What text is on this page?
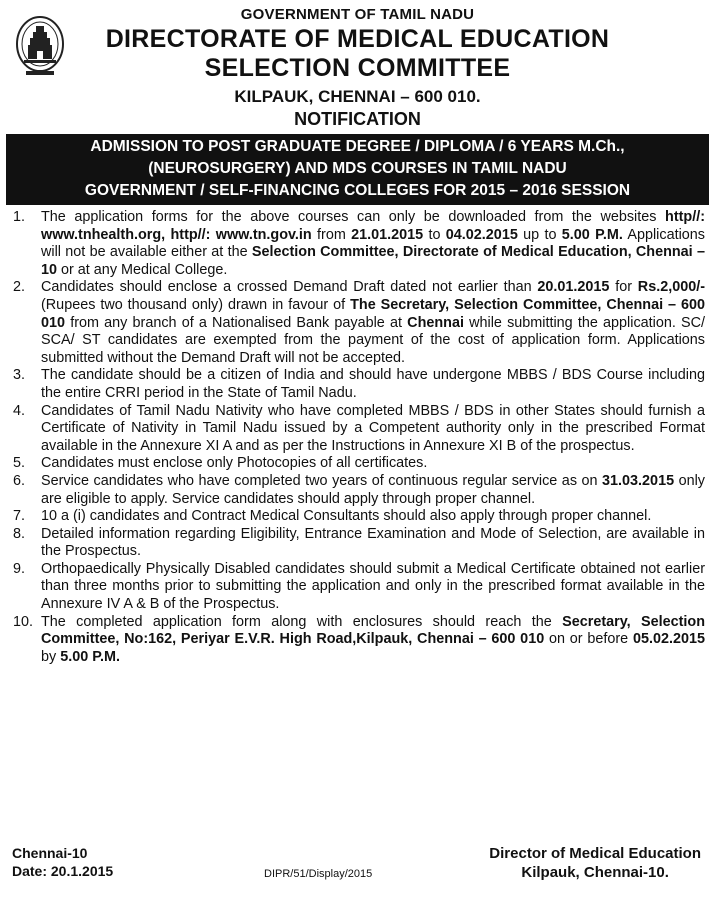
GOVERNMENT OF TAMIL NADU
DIRECTORATE OF MEDICAL EDUCATION
SELECTION COMMITTEE
KILPAUK, CHENNAI – 600 010.
NOTIFICATION
ADMISSION TO POST GRADUATE DEGREE / DIPLOMA / 6 YEARS M.Ch.,
(NEUROSURGERY) AND MDS COURSES IN TAMIL NADU
GOVERNMENT / SELF-FINANCING COLLEGES FOR 2015 – 2016 SESSION
1.	The application forms for the above courses can only be downloaded from the websites http//: www.tnhealth.org, http//: www.tn.gov.in from 21.01.2015 to 04.02.2015 up to 5.00 P.M. Applications will not be available either at the Selection Committee, Directorate of Medical Education, Chennai – 10 or at any Medical College.
2.	Candidates should enclose a crossed Demand Draft dated not earlier than 20.01.2015 for Rs.2,000/- (Rupees two thousand only) drawn in favour of The Secretary, Selection Committee, Chennai – 600 010 from any branch of a Nationalised Bank payable at Chennai while submitting the application. SC/ SCA/ ST candidates are exempted from the payment of the cost of application form. Applications submitted without the Demand Draft will not be accepted.
3.	The candidate should be a citizen of India and should have undergone MBBS / BDS Course including the entire CRRI period in the State of Tamil Nadu.
4.	Candidates of Tamil Nadu Nativity who have completed MBBS / BDS in other States should furnish a Certificate of Nativity in Tamil Nadu issued by a Competent authority only in the prescribed Format available in the Annexure XI A and as per the Instructions in Annexure XI B of the prospectus.
5.	Candidates must enclose only Photocopies of all certificates.
6.	Service candidates who have completed two years of continuous regular service as on 31.03.2015 only are eligible to apply. Service candidates should apply through proper channel.
7.	10 a (i) candidates and Contract Medical Consultants should also apply through proper channel.
8.	Detailed information regarding Eligibility, Entrance Examination and Mode of Selection, are available in the Prospectus.
9.	Orthopaedically Physically Disabled candidates should submit a Medical Certificate obtained not earlier than three months prior to submitting the application and only in the prescribed format available in the Annexure IV A & B of the Prospectus.
10. The completed application form along with enclosures should reach the Secretary, Selection Committee, No:162, Periyar E.V.R. High Road,Kilpauk, Chennai – 600 010 on or before 05.02.2015 by 5.00 P.M.
Chennai-10
Date: 20.1.2015	DIPR/51/Display/2015
Director of Medical Education
Kilpauk, Chennai-10.
